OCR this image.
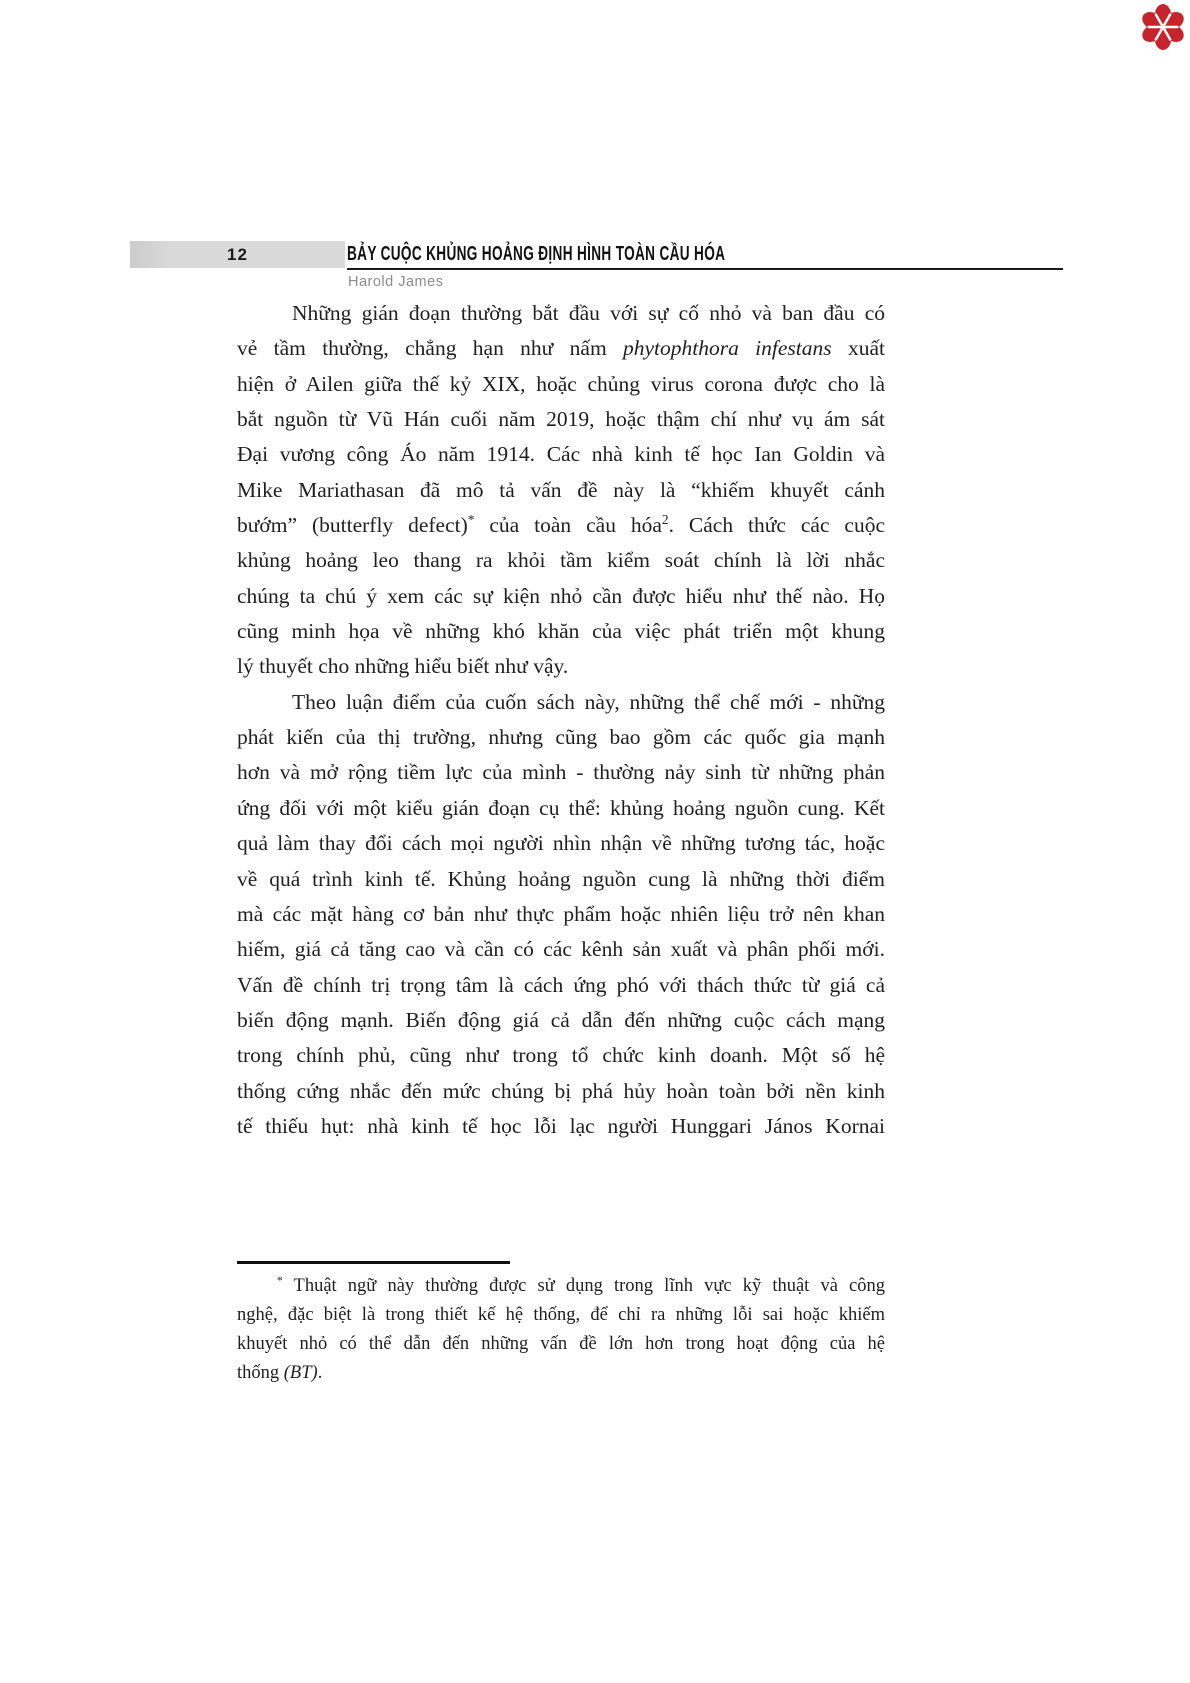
12	BẢY CUỘC KHỦNG HOẢNG ĐỊNH HÌNH TOÀN CẦU HÓA
Harold James
Những gián đoạn thường bắt đầu với sự cố nhỏ và ban đầu có
vẻ tầm thường, chẳng hạn như nấm phytophthora infestans xuất
hiện ở Ailen giữa thế kỷ XIX, hoặc chủng virus corona được cho là
bắt nguồn từ Vũ Hán cuối năm 2019, hoặc thậm chí như vụ ám sát
Đại vương công Áo năm 1914. Các nhà kinh tế học Ian Goldin và
Mike Mariathasan đã mô tả vấn đề này là “khiếm khuyết cánh
bướm” (butterfly defect)* của toàn cầu hóa$^2$. Cách thức các cuộc
khủng hoảng leo thang ra khỏi tầm kiểm soát chính là lời nhắc
chúng ta chú ý xem các sự kiện nhỏ cần được hiểu như thế nào. Họ
cũng minh họa về những khó khăn của việc phát triển một khung
lý thuyết cho những hiểu biết như vậy.
Theo luận điểm của cuốn sách này, những thể chế mới - những
phát kiến của thị trường, nhưng cũng bao gồm các quốc gia mạnh
hơn và mở rộng tiềm lực của mình - thường nảy sinh từ những phản
ứng đối với một kiểu gián đoạn cụ thể: khủng hoảng nguồn cung. Kết
quả làm thay đổi cách mọi người nhìn nhận về những tương tác, hoặc
về quá trình kinh tế. Khủng hoảng nguồn cung là những thời điểm
mà các mặt hàng cơ bản như thực phẩm hoặc nhiên liệu trở nên khan
hiếm, giá cả tăng cao và cần có các kênh sản xuất và phân phối mới.
Vấn đề chính trị trọng tâm là cách ứng phó với thách thức từ giá cả
biến động mạnh. Biến động giá cả dẫn đến những cuộc cách mạng
trong chính phủ, cũng như trong tổ chức kinh doanh. Một số hệ
thống cứng nhắc đến mức chúng bị phá hủy hoàn toàn bởi nền kinh
tế thiếu hụt: nhà kinh tế học lỗi lạc người Hunggari János Kornai
* Thuật ngữ này thường được sử dụng trong lĩnh vực kỹ thuật và công
nghệ, đặc biệt là trong thiết kế hệ thống, để chỉ ra những lỗi sai hoặc khiếm
khuyết nhỏ có thể dẫn đến những vấn đề lớn hơn trong hoạt động của hệ
thống (BT).
